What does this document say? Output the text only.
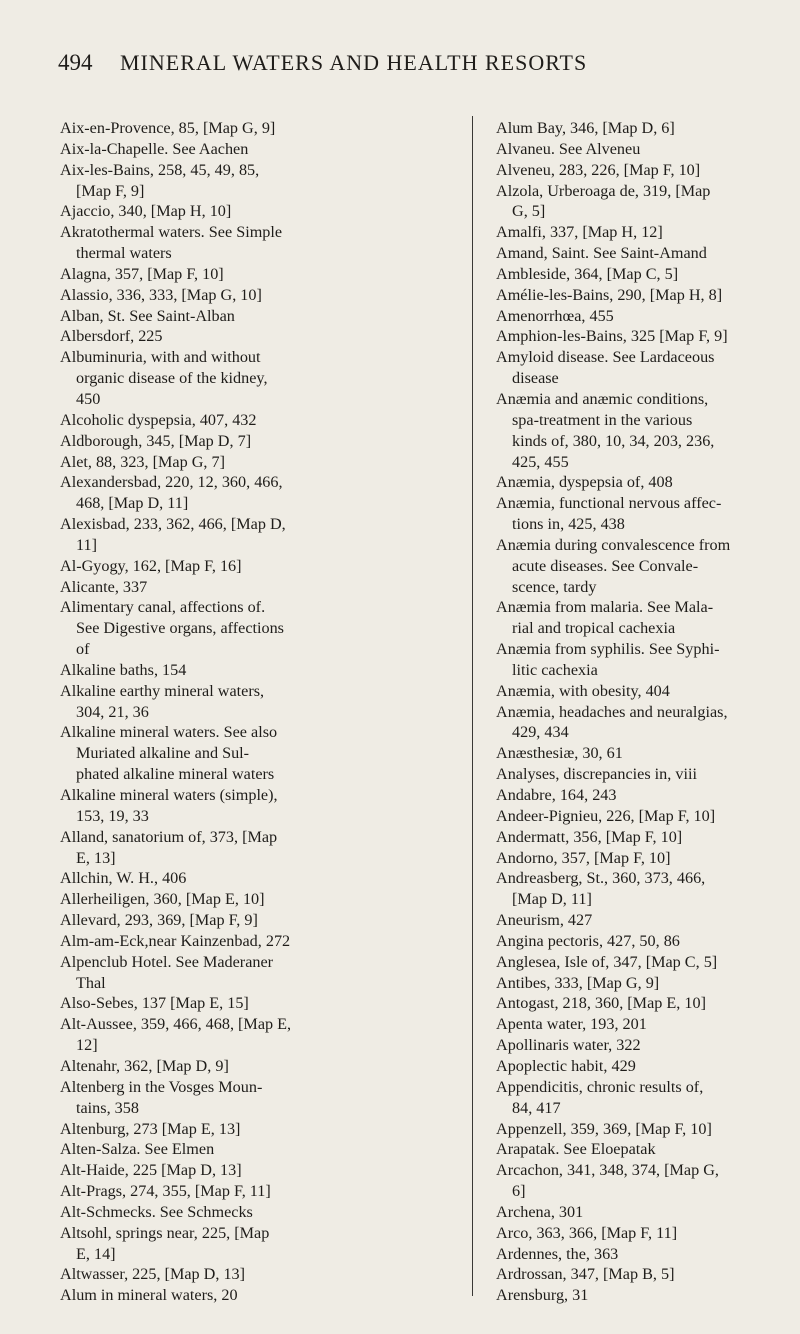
494	MINERAL WATERS AND HEALTH RESORTS
Aix-en-Provence, 85, [Map G, 9]
Aix-la-Chapelle. See Aachen
Aix-les-Bains, 258, 45, 49, 85,
[Map F, 9]
Ajaccio, 340, [Map H, 10]
Akratothermal waters. See Simple
thermal waters
Alagna, 357, [Map F, 10]
Alassio, 336, 333, [Map G, 10]
Alban, St. See Saint-Alban
Albersdorf, 225
Albuminuria, with and without
organic disease of the kidney,
450
Alcoholic dyspepsia, 407, 432
Aldborough, 345, [Map D, 7]
Alet, 88, 323, [Map G, 7]
Alexandersbad, 220, 12, 360, 466,
468, [Map D, 11]
Alexisbad, 233, 362, 466, [Map D,
11]
Al-Gyogy, 162, [Map F, 16]
Alicante, 337
Alimentary canal, affections of.
See Digestive organs, affections
of
Alkaline baths, 154
Alkaline earthy mineral waters,
304, 21, 36
Alkaline mineral waters. See also
Muriated alkaline and Sul-
phated alkaline mineral waters
Alkaline mineral waters (simple),
153, 19, 33
Alland, sanatorium of, 373, [Map
E, 13]
Allchin, W. H., 406
Allerheiligen, 360, [Map E, 10]
Allevard, 293, 369, [Map F, 9]
Alm-am-Eck,near Kainzenbad, 272
Alpenclub Hotel. See Maderaner
Thal
Also-Sebes, 137 [Map E, 15]
Alt-Aussee, 359, 466, 468, [Map E,
12]
Altenahr, 362, [Map D, 9]
Altenberg in the Vosges Moun-
tains, 358
Altenburg, 273 [Map E, 13]
Alten-Salza. See Elmen
Alt-Haide, 225 [Map D, 13]
Alt-Prags, 274, 355, [Map F, 11]
Alt-Schmecks. See Schmecks
Altsohl, springs near, 225, [Map
E, 14]
Altwasser, 225, [Map D, 13]
Alum in mineral waters, 20
Alum Bay, 346, [Map D, 6]
Alvaneu. See Alveneu
Alveneu, 283, 226, [Map F, 10]
Alzola, Urberoaga de, 319, [Map
G, 5]
Amalfi, 337, [Map H, 12]
Amand, Saint. See Saint-Amand
Ambleside, 364, [Map C, 5]
Amélie-les-Bains, 290, [Map H, 8]
Amenorrhœa, 455
Amphion-les-Bains, 325 [Map F, 9]
Amyloid disease. See Lardaceous
disease
Anæmia and anæmic conditions,
spa-treatment in the various
kinds of, 380, 10, 34, 203, 236,
425, 455
Anæmia, dyspepsia of, 408
Anæmia, functional nervous affec-
tions in, 425, 438
Anæmia during convalescence from
acute diseases. See Convale-
scence, tardy
Anæmia from malaria. See Mala-
rial and tropical cachexia
Anæmia from syphilis. See Syphi-
litic cachexia
Anæmia, with obesity, 404
Anæmia, headaches and neuralgias,
429, 434
Anæsthesiæ, 30, 61
Analyses, discrepancies in, viii
Andabre, 164, 243
Andeer-Pignieu, 226, [Map F, 10]
Andermatt, 356, [Map F, 10]
Andorno, 357, [Map F, 10]
Andreasberg, St., 360, 373, 466,
[Map D, 11]
Aneurism, 427
Angina pectoris, 427, 50, 86
Anglesea, Isle of, 347, [Map C, 5]
Antibes, 333, [Map G, 9]
Antogast, 218, 360, [Map E, 10]
Apenta water, 193, 201
Apollinaris water, 322
Apoplectic habit, 429
Appendicitis, chronic results of,
84, 417
Appenzell, 359, 369, [Map F, 10]
Arapatak. See Eloepatak
Arcachon, 341, 348, 374, [Map G,
6]
Archena, 301
Arco, 363, 366, [Map F, 11]
Ardennes, the, 363
Ardrossan, 347, [Map B, 5]
Arensburg, 31
